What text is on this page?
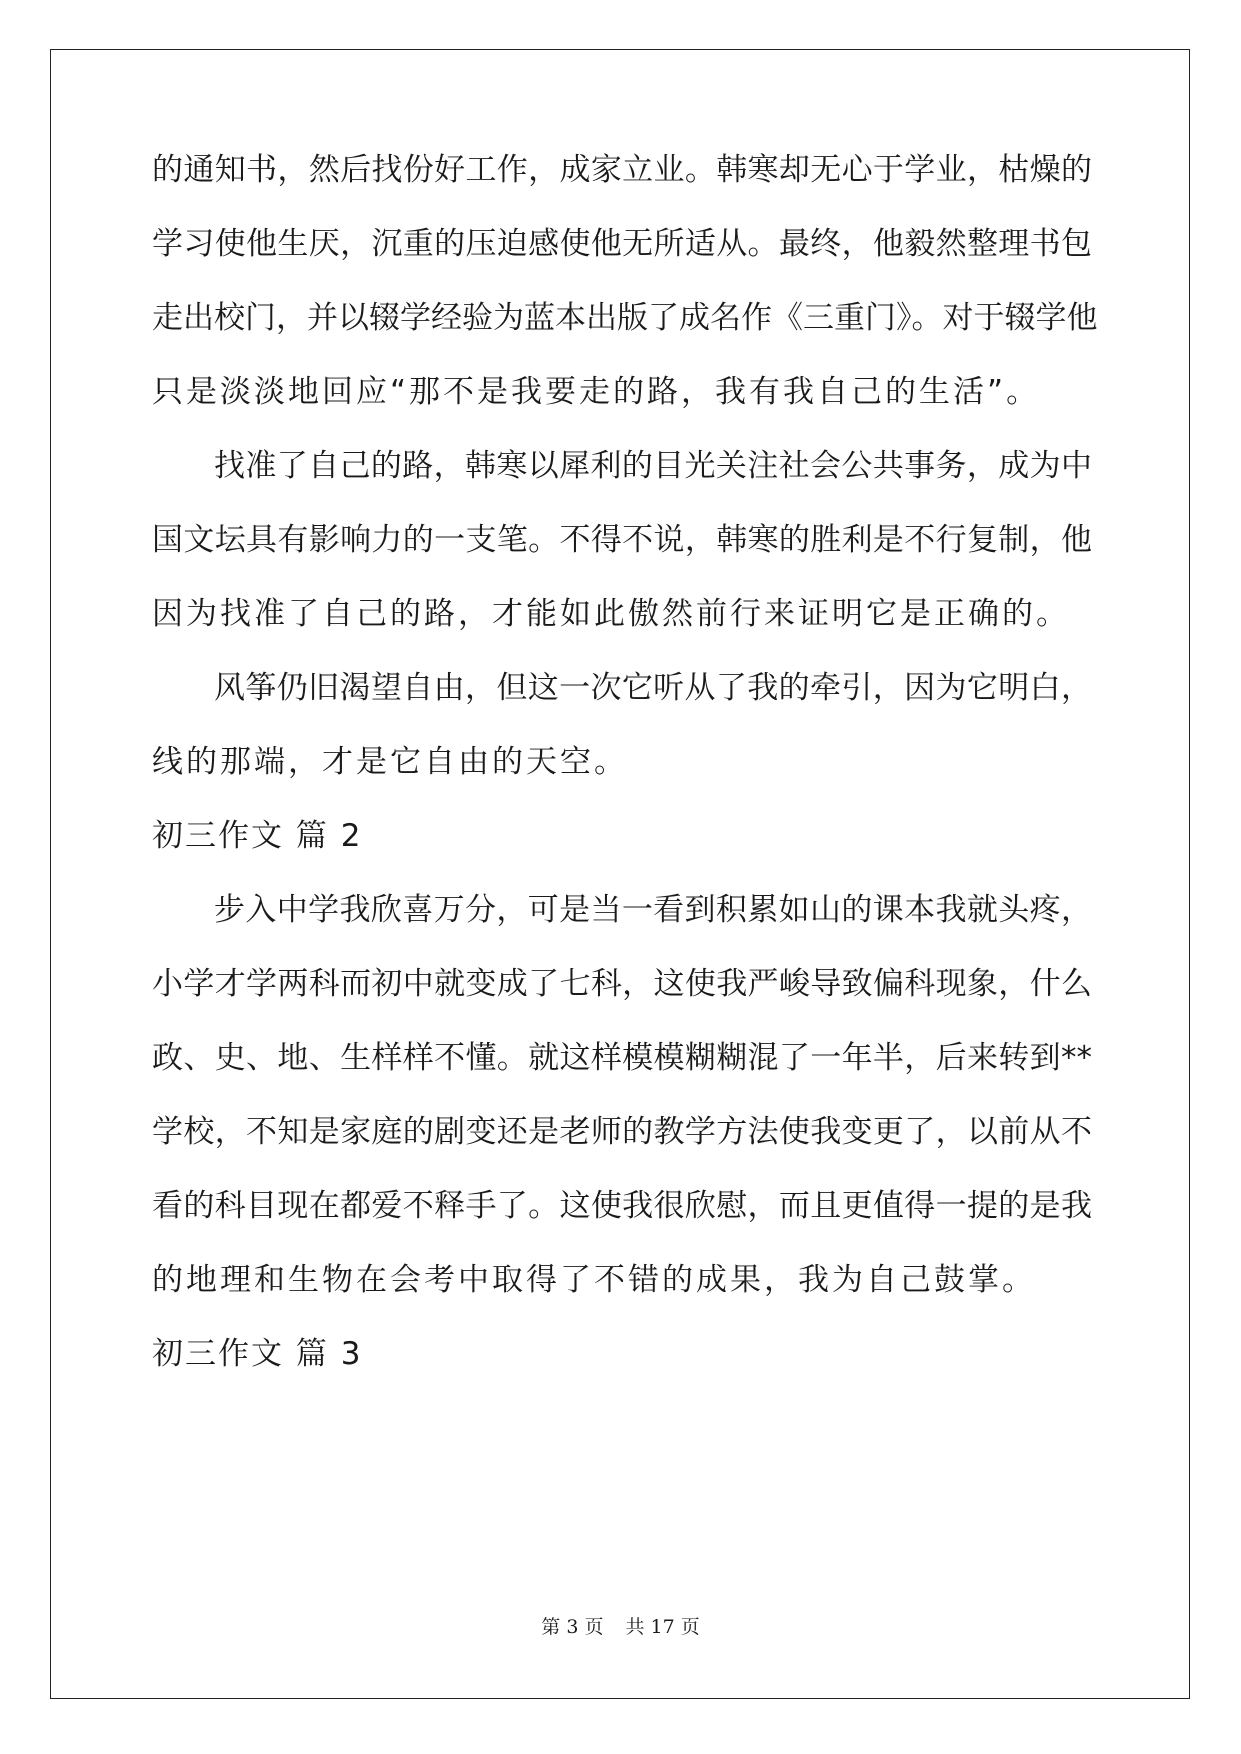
的通知书，然后找份好工作，成家立业。韩寒却无心于学业，枯燥的
学习使他生厌，沉重的压迫感使他无所适从。最终，他毅然整理书包
走出校门，并以辍学经验为蓝本出版了成名作《三重门》。对于辍学他
只是淡淡地回应“那不是我要走的路，我有我自己的生活”。
找准了自己的路，韩寒以犀利的目光关注社会公共事务，成为中
国文坛具有影响力的一支笔。不得不说，韩寒的胜利是不行复制，他
因为找准了自己的路，才能如此傲然前行来证明它是正确的。
风筝仍旧渴望自由，但这一次它听从了我的牵引，因为它明白，
线的那端，才是它自由的天空。
初三作文 篇 2
步入中学我欣喜万分，可是当一看到积累如山的课本我就头疼，
小学才学两科而初中就变成了七科，这使我严峻导致偏科现象，什么
政、史、地、生样样不懂。就这样模模糊糊混了一年半，后来转到**
学校，不知是家庭的剧变还是老师的教学方法使我变更了，以前从不
看的科目现在都爱不释手了。这使我很欣慰，而且更值得一提的是我
的地理和生物在会考中取得了不错的成果，我为自己鼓掌。
初三作文 篇 3
第 3 页 共 17 页
